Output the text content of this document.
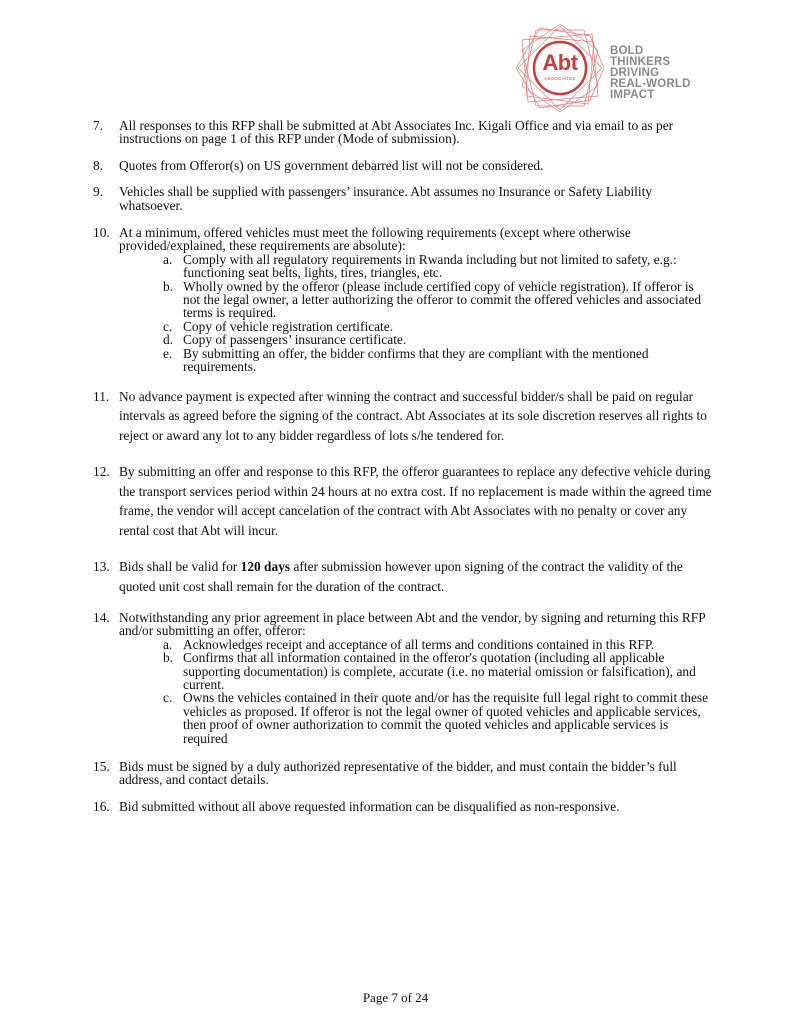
Abt
ASSOCIATES
BOLD
THINKERS
DRIVING
REAL-WORLD
IMPACT
7. All responses to this RFP shall be submitted at Abt Associates Inc. Kigali Office and via email to as per instructions on page 1 of this RFP under (Mode of submission).

8. Quotes from Offeror(s) on US government debarred list will not be considered.

9. Vehicles shall be supplied with passengers’ insurance. Abt assumes no Insurance or Safety Liability whatsoever.

10. At a minimum, offered vehicles must meet the following requirements (except where otherwise provided/explained, these requirements are absolute):

a. Comply with all regulatory requirements in Rwanda including but not limited to safety, e.g.: functioning seat belts, lights, tires, triangles, etc.
b. Wholly owned by the offeror (please include certified copy of vehicle registration). If offeror is not the legal owner, a letter authorizing the offeror to commit the offered vehicles and associated terms is required.
c. Copy of vehicle registration certificate.
d. Copy of passengers’ insurance certificate.
e. By submitting an offer, the bidder confirms that they are compliant with the mentioned requirements.
11. No advance payment is expected after winning the contract and successful bidder/s shall be paid on regular intervals as agreed before the signing of the contract. Abt Associates at its sole discretion reserves all rights to reject or award any lot to any bidder regardless of lots s/he tendered for.

12. By submitting an offer and response to this RFP, the offeror guarantees to replace any defective vehicle during the transport services period within 24 hours at no extra cost. If no replacement is made within the agreed time frame, the vendor will accept cancelation of the contract with Abt Associates with no penalty or cover any rental cost that Abt will incur.

13. Bids shall be valid for 120 days after submission however upon signing of the contract the validity of the quoted unit cost shall remain for the duration of the contract.

14. Notwithstanding any prior agreement in place between Abt and the vendor, by signing and returning this RFP and/or submitting an offer, offeror:

a. Acknowledges receipt and acceptance of all terms and conditions contained in this RFP.
b. Confirms that all information contained in the offeror's quotation (including all applicable supporting documentation) is complete, accurate (i.e. no material omission or falsification), and current.
c. Owns the vehicles contained in their quote and/or has the requisite full legal right to commit these vehicles as proposed. If offeror is not the legal owner of quoted vehicles and applicable services, then proof of owner authorization to commit the quoted vehicles and applicable services is required
15. Bids must be signed by a duly authorized representative of the bidder, and must contain the bidder’s full address, and contact details.

16. Bid submitted without all above requested information can be disqualified as non-responsive.

Page 7 of 24
